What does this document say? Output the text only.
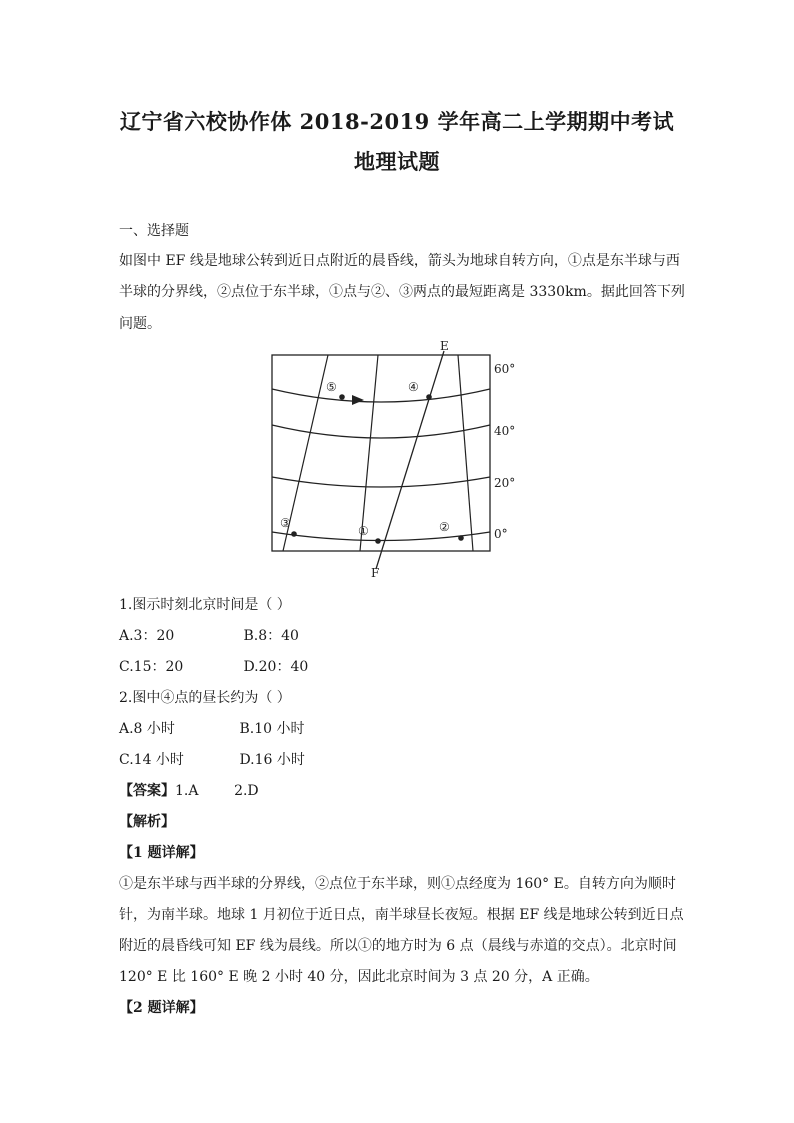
辽宁省六校协作体 2018-2019 学年高二上学期期中考试
地理试题
一、选择题
如图中 EF 线是地球公转到近日点附近的晨昏线，箭头为地球自转方向，①点是东半球与西
半球的分界线，②点位于东半球，①点与②、③两点的最短距离是 3330km。据此回答下列
问题。
E
F
60°
40°
20°
0°
⑤	④
③
①	②
1.图示时刻北京时间是（ ）
A.3：20	B.8：40
C.15：20	D.20：40
2.图中④点的昼长约为（ ）
A.8 小时	B.10 小时
C.14 小时	D.16 小时
【答案】1.A        2.D
【解析】
【1 题详解】
①是东半球与西半球的分界线，②点位于东半球，则①点经度为 160° E。自转方向为顺时
针，为南半球。地球 1 月初位于近日点，南半球昼长夜短。根据 EF 线是地球公转到近日点
附近的晨昏线可知 EF 线为晨线。所以①的地方时为 6 点（晨线与赤道的交点）。北京时间
120° E 比 160° E 晚 2 小时 40 分，因此北京时间为 3 点 20 分，A 正确。
【2 题详解】
